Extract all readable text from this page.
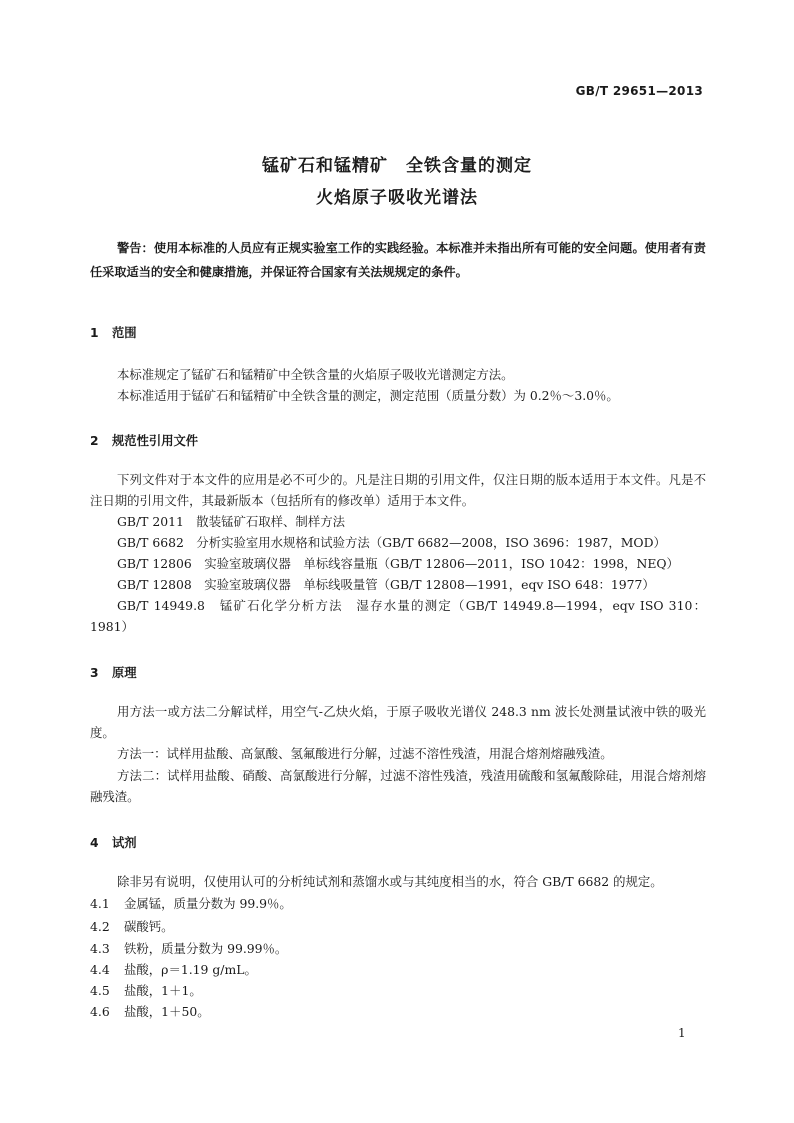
GB/T 29651—2013
锰矿石和锰精矿　全铁含量的测定
火焰原子吸收光谱法
警告：使用本标准的人员应有正规实验室工作的实践经验。本标准并未指出所有可能的安全问题。使用者有责任采取适当的安全和健康措施，并保证符合国家有关法规规定的条件。
1 范围
本标准规定了锰矿石和锰精矿中全铁含量的火焰原子吸收光谱测定方法。
本标准适用于锰矿石和锰精矿中全铁含量的测定，测定范围（质量分数）为 0.2％～3.0％。
2 规范性引用文件
下列文件对于本文件的应用是必不可少的。凡是注日期的引用文件，仅注日期的版本适用于本文件。凡是不注日期的引用文件，其最新版本（包括所有的修改单）适用于本文件。
GB/T 2011　散装锰矿石取样、制样方法
GB/T 6682　分析实验室用水规格和试验方法（GB/T 6682—2008，ISO 3696：1987，MOD）
GB/T 12806　实验室玻璃仪器　单标线容量瓶（GB/T 12806—2011，ISO 1042：1998，NEQ）
GB/T 12808　实验室玻璃仪器　单标线吸量管（GB/T 12808—1991，eqv ISO 648：1977）
GB/T 14949.8　锰矿石化学分析方法　湿存水量的测定（GB/T 14949.8—1994，eqv ISO 310：1981）
3 原理
用方法一或方法二分解试样，用空气-乙炔火焰，于原子吸收光谱仪 248.3 nm 波长处测量试液中铁的吸光度。
方法一：试样用盐酸、高氯酸、氢氟酸进行分解，过滤不溶性残渣，用混合熔剂熔融残渣。
方法二：试样用盐酸、硝酸、高氯酸进行分解，过滤不溶性残渣，残渣用硫酸和氢氟酸除硅，用混合熔剂熔融残渣。
4 试剂
除非另有说明，仅使用认可的分析纯试剂和蒸馏水或与其纯度相当的水，符合 GB/T 6682 的规定。
4.1 金属锰，质量分数为 99.9％。
4.2 碳酸钙。
4.3 铁粉，质量分数为 99.99％。
4.4 盐酸，ρ＝1.19 g/mL。
4.5 盐酸，1＋1。
4.6 盐酸，1＋50。
1
